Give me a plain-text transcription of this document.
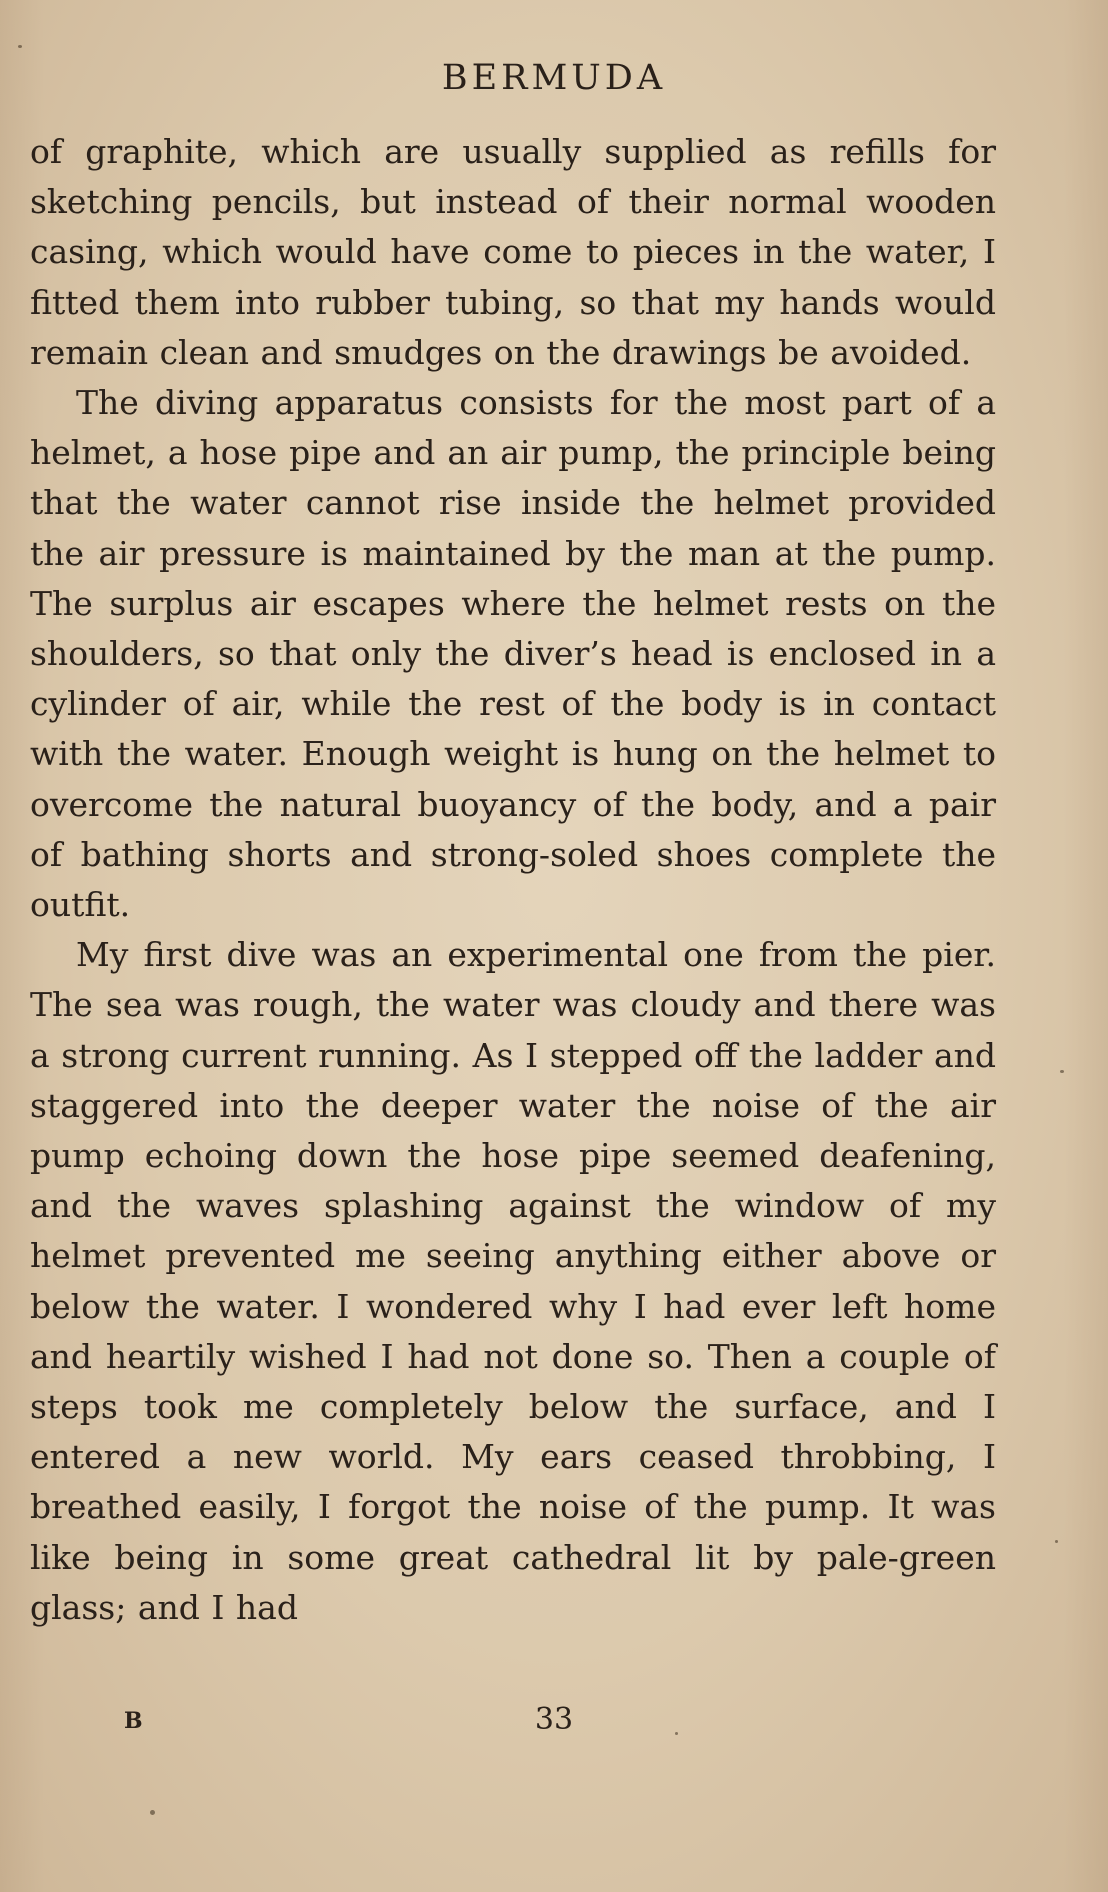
BERMUDA

of graphite, which are usually supplied as refills for sketching pencils, but instead of their normal wooden casing, which would have come to pieces in the water, I fitted them into rubber tubing, so that my hands would remain clean and smudges on the drawings be avoided.

The diving apparatus consists for the most part of a helmet, a hose pipe and an air pump, the principle being that the water cannot rise inside the helmet provided the air pressure is maintained by the man at the pump. The surplus air escapes where the helmet rests on the shoulders, so that only the diver’s head is enclosed in a cylinder of air, while the rest of the body is in contact with the water. Enough weight is hung on the helmet to overcome the natural buoyancy of the body, and a pair of bathing shorts and strong-soled shoes complete the outfit.

My first dive was an experimental one from the pier. The sea was rough, the water was cloudy and there was a strong current running. As I stepped off the ladder and staggered into the deeper water the noise of the air pump echoing down the hose pipe seemed deafening, and the waves splashing against the window of my helmet prevented me seeing anything either above or below the water. I wondered why I had ever left home and heartily wished I had not done so. Then a couple of steps took me completely below the surface, and I entered a new world. My ears ceased throbbing, I breathed easily, I forgot the noise of the pump. It was like being in some great cathedral lit by pale-green glass; and I had

B	33
